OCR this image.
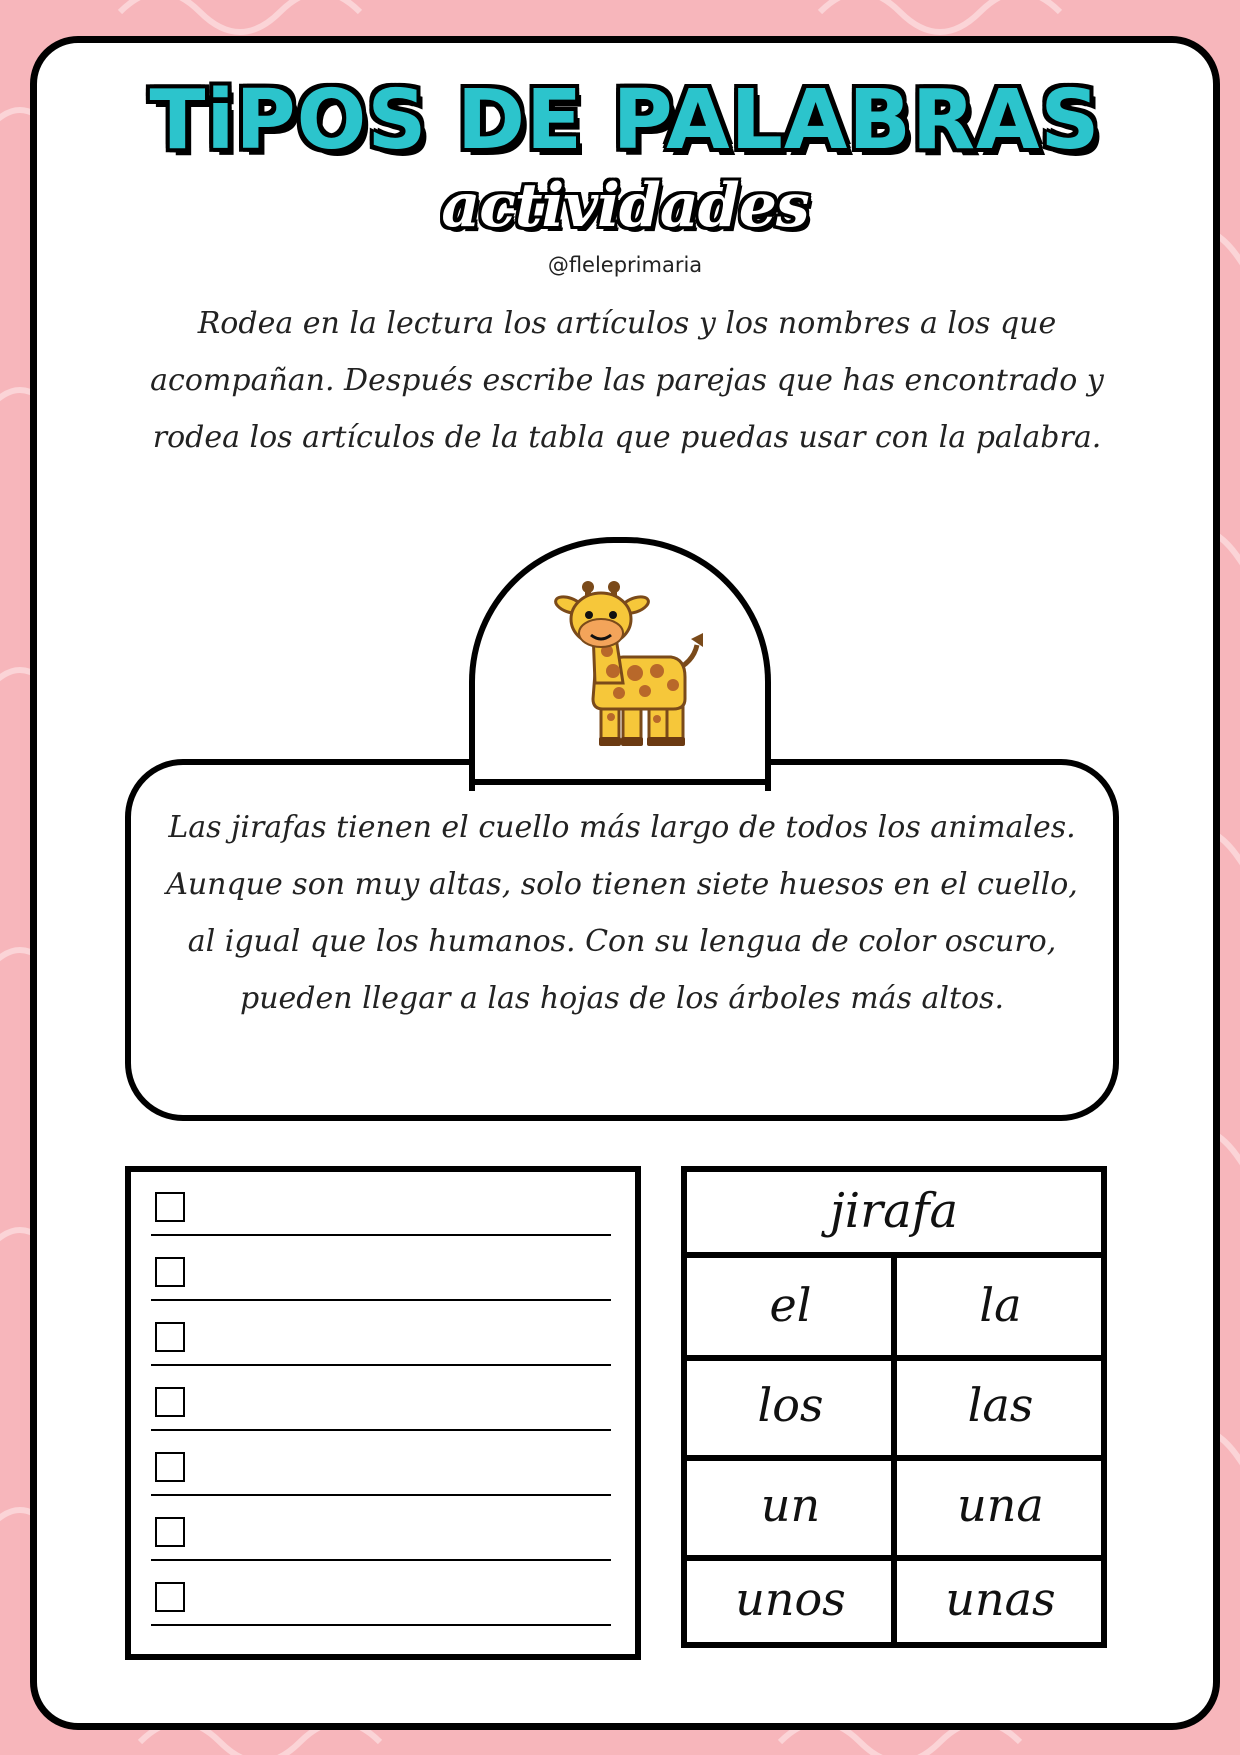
TiPOS DE PALABRAS
actividades
@fleleprimaria
Rodea en la lectura los artículos y los nombres a los que acompañan. Después escribe las parejas que has encontrado y rodea los artículos de la tabla que puedas usar con la palabra.
Las jirafas tienen el cuello más largo de todos los animales. Aunque son muy altas, solo tienen siete huesos en el cuello, al igual que los humanos. Con su lengua de color oscuro, pueden llegar a las hojas de los árboles más altos.
jirafa
el	la
los	las
un	una
unos	unas
